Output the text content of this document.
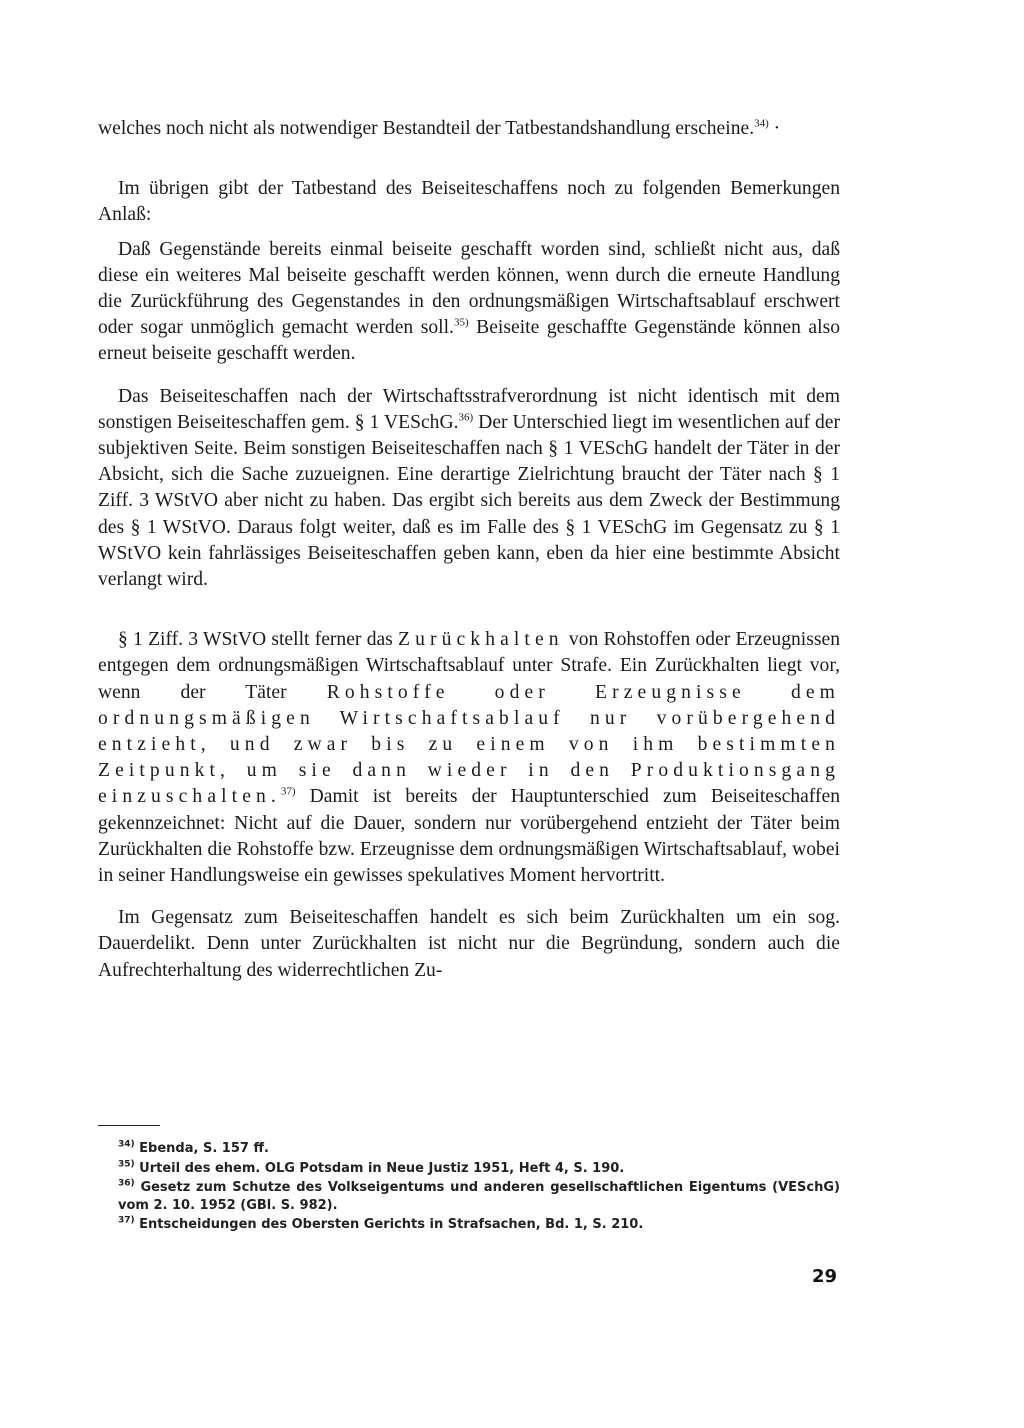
welches noch nicht als notwendiger Bestandteil der Tatbestandshandlung erscheine.$^{34)}$ ·

Im übrigen gibt der Tatbestand des Beiseiteschaffens noch zu folgenden Bemerkungen Anlaß:

Daß Gegenstände bereits einmal beiseite geschafft worden sind, schließt nicht aus, daß diese ein weiteres Mal beiseite geschafft werden können, wenn durch die erneute Handlung die Zurückführung des Gegenstandes in den ordnungsmäßigen Wirtschaftsablauf erschwert oder sogar unmöglich gemacht werden soll.$^{35)}$ Beiseite geschaffte Gegenstände können also erneut beiseite geschafft werden.

Das Beiseiteschaffen nach der Wirtschaftsstrafverordnung ist nicht identisch mit dem sonstigen Beiseiteschaffen gem. § 1 VESchG.$^{36)}$ Der Unterschied liegt im wesentlichen auf der subjektiven Seite. Beim sonstigen Beiseiteschaffen nach § 1 VESchG handelt der Täter in der Absicht, sich die Sache zuzueignen. Eine derartige Zielrichtung braucht der Täter nach § 1 Ziff. 3 WStVO aber nicht zu haben. Das ergibt sich bereits aus dem Zweck der Bestimmung des § 1 WStVO. Daraus folgt weiter, daß es im Falle des § 1 VESchG im Gegensatz zu § 1 WStVO kein fahrlässiges Beiseiteschaffen geben kann, eben da hier eine bestimmte Absicht verlangt wird.

§ 1 Ziff. 3 WStVO stellt ferner das Zurückhalten von Rohstoffen oder Erzeugnissen entgegen dem ordnungsmäßigen Wirtschaftsablauf unter Strafe. Ein Zurückhalten liegt vor, wenn der Täter Rohstoffe oder Erzeugnisse dem ordnungsmäßigen Wirtschaftsablauf nur vorübergehend entzieht, und zwar bis zu einem von ihm bestimmten Zeitpunkt, um sie dann wieder in den Produktionsgang einzuschalten.$^{37)}$ Damit ist bereits der Hauptunterschied zum Beiseiteschaffen gekennzeichnet: Nicht auf die Dauer, sondern nur vorübergehend entzieht der Täter beim Zurückhalten die Rohstoffe bzw. Erzeugnisse dem ordnungsmäßigen Wirtschaftsablauf, wobei in seiner Handlungsweise ein gewisses spekulatives Moment hervortritt.

Im Gegensatz zum Beiseiteschaffen handelt es sich beim Zurückhalten um ein sog. Dauerdelikt. Denn unter Zurückhalten ist nicht nur die Begründung, sondern auch die Aufrechterhaltung des widerrechtlichen Zu-

$^{34)}$ Ebenda, S. 157 ff.

$^{35)}$ Urteil des ehem. OLG Potsdam in Neue Justiz 1951, Heft 4, S. 190.

$^{36)}$ Gesetz zum Schutze des Volkseigentums und anderen gesellschaftlichen Eigentums (VESchG) vom 2. 10. 1952 (GBl. S. 982).

$^{37)}$ Entscheidungen des Obersten Gerichts in Strafsachen, Bd. 1, S. 210.

29
